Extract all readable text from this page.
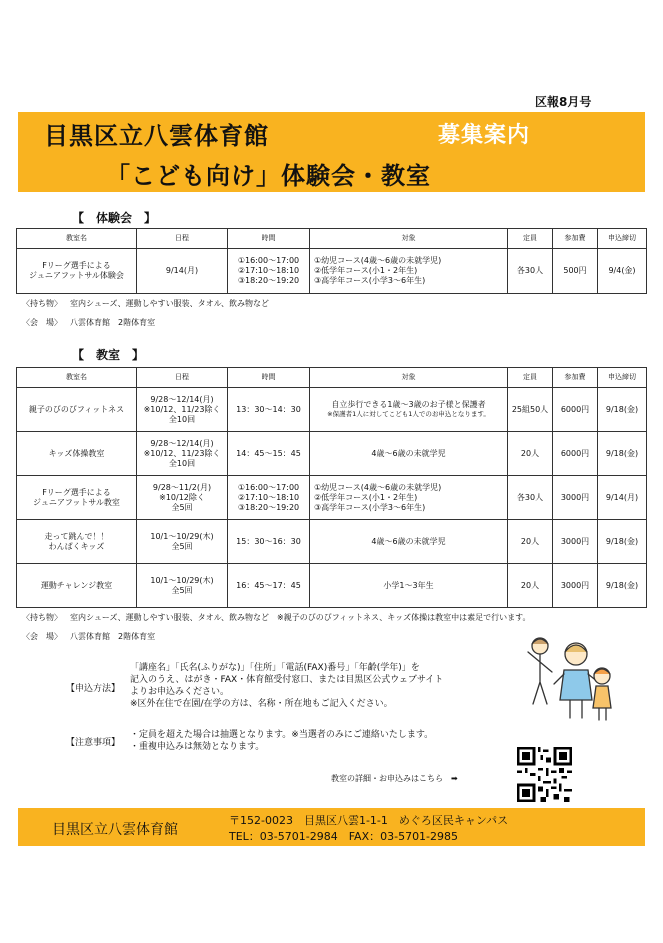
区報8月号
目黒区立八雲体育館	募集案内
「こども向け」体験会・教室
【　体験会　】
教室名	日程	時間	対象	定員	参加費	申込締切

Fリーグ選手による
ジュニアフットサル体験会	9/14(月)	①16:00～17:00
②17:10～18:10
③18:20～19:20	①幼児コース(4歳～6歳の未就学児)
②低学年コース(小1・2年生)
③高学年コース(小学3～6年生)	各30人	500円	9/4(金)
〈持ち物〉 室内シューズ、運動しやすい服装、タオル、飲み物など
〈会　場〉 八雲体育館　2階体育室
【　教室　】
教室名	日程	時間	対象	定員	参加費	申込締切

親子のびのびフィットネス	9/28～12/14(月)
※10/12、11/23除く
全10回	13：30～14：30	自立歩行できる1歳～3歳のお子様と保護者
※保護者1人に対してこども1人でのお申込となります。	25組50人	6000円	9/18(金)

キッズ体操教室	9/28～12/14(月)
※10/12、11/23除く
全10回	14：45～15：45	4歳～6歳の未就学児	20人	6000円	9/18(金)

Fリーグ選手による
ジュニアフットサル教室	9/28～11/2(月)
※10/12除く
全5回	①16:00～17:00
②17:10～18:10
③18:20～19:20	①幼児コース(4歳～6歳の未就学児)
②低学年コース(小1・2年生)
③高学年コース(小学3～6年生)	各30人	3000円	9/14(月)

走って跳んで！！
わんぱくキッズ	10/1～10/29(木)
全5回	15：30～16：30	4歳～6歳の未就学児	20人	3000円	9/18(金)

運動チャレンジ教室	10/1～10/29(木)
全5回	16：45～17：45	小学1～3年生	20人	3000円	9/18(金)
〈持ち物〉 室内シューズ、運動しやすい服装、タオル、飲み物など　※親子のびのびフィットネス、キッズ体操は教室中は素足で行います。
〈会　場〉 八雲体育館　2階体育室
【申込方法】
「講座名」「氏名(ふりがな)」「住所」「電話(FAX)番号」「年齢(学年)」を
記入のうえ、はがき・FAX・体育館受付窓口、または目黒区公式ウェブサイト
よりお申込みください。
※区外在住で在園/在学の方は、名称・所在地もご記入ください。
【注意事項】
・定員を超えた場合は抽選となります。※当選者のみにご連絡いたします。
・重複申込みは無効となります。
教室の詳細・お申込みはこちら　➡
目黒区立八雲体育館
〒152-0023　目黒区八雲1-1-1　めぐろ区民キャンパス
TEL：03-5701-2984　FAX：03-5701-2985
